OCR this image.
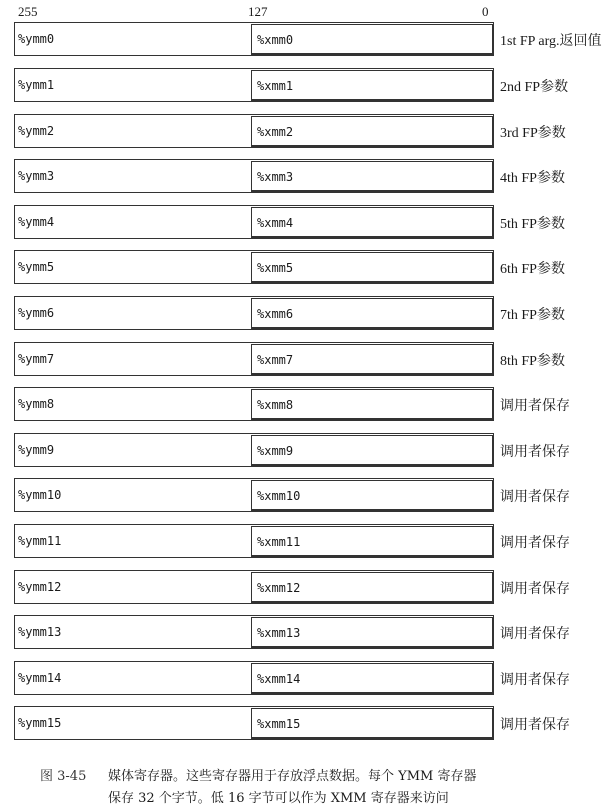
255	127	0
%ymm0	%xmm0	1st FP arg.返回值
%ymm1	%xmm1	2nd FP参数
%ymm2	%xmm2	3rd FP参数
%ymm3	%xmm3	4th FP参数
%ymm4	%xmm4	5th FP参数
%ymm5	%xmm5	6th FP参数
%ymm6	%xmm6	7th FP参数
%ymm7	%xmm7	8th FP参数
%ymm8	%xmm8	调用者保存
%ymm9	%xmm9	调用者保存
%ymm10	%xmm10	调用者保存
%ymm11	%xmm11	调用者保存
%ymm12	%xmm12	调用者保存
%ymm13	%xmm13	调用者保存
%ymm14	%xmm14	调用者保存
%ymm15	%xmm15	调用者保存
图 3-45 媒体寄存器。这些寄存器用于存放浮点数据。每个 YMM 寄存器
保存 32 个字节。低 16 字节可以作为 XMM 寄存器来访问
